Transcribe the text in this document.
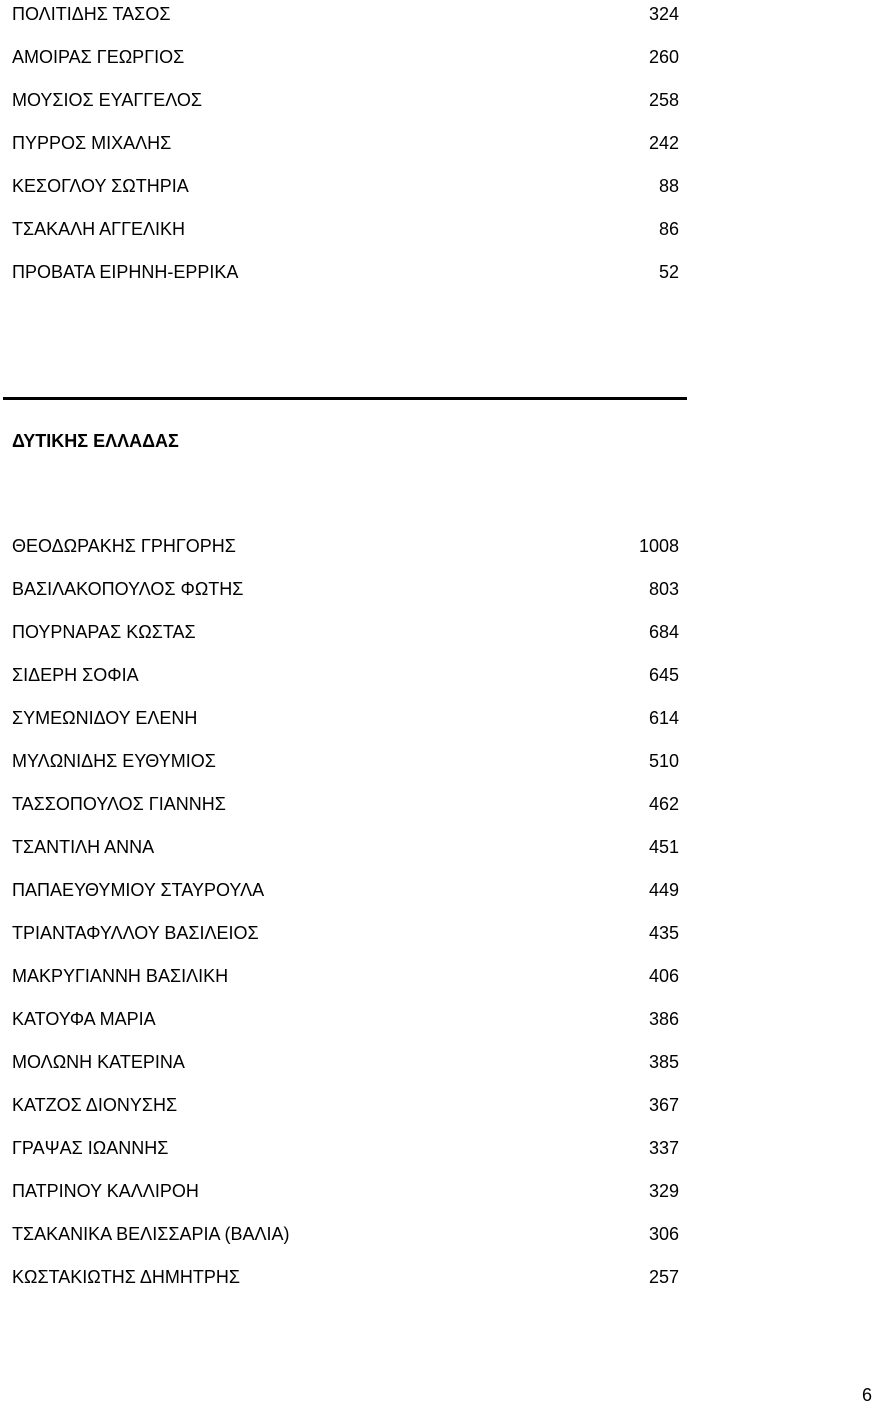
ΠΟΛΙΤΙΔΗΣ ΤΑΣΟΣ	324
ΑΜΟΙΡΑΣ ΓΕΩΡΓΙΟΣ	260
ΜΟΥΣΙΟΣ ΕΥΑΓΓΕΛΟΣ	258
ΠΥΡΡΟΣ ΜΙΧΑΛΗΣ	242
ΚΕΣΟΓΛΟΥ ΣΩΤΗΡΙΑ	88
ΤΣΑΚΑΛΗ ΑΓΓΕΛΙΚΗ	86
ΠΡΟΒΑΤΑ ΕΙΡΗΝΗ-ΕΡΡΙΚΑ	52
ΔΥΤΙΚΗΣ ΕΛΛΑΔΑΣ
ΘΕΟΔΩΡΑΚΗΣ ΓΡΗΓΟΡΗΣ	1008
ΒΑΣΙΛΑΚΟΠΟΥΛΟΣ ΦΩΤΗΣ	803
ΠΟΥΡΝΑΡΑΣ ΚΩΣΤΑΣ	684
ΣΙΔΕΡΗ ΣΟΦΙΑ	645
ΣΥΜΕΩΝΙΔΟΥ ΕΛΕΝΗ	614
ΜΥΛΩΝΙΔΗΣ ΕΥΘΥΜΙΟΣ	510
ΤΑΣΣΟΠΟΥΛΟΣ ΓΙΑΝΝΗΣ	462
ΤΣΑΝΤΙΛΗ ΑΝΝΑ	451
ΠΑΠΑΕΥΘΥΜΙΟΥ ΣΤΑΥΡΟΥΛΑ	449
ΤΡΙΑΝΤΑΦΥΛΛΟΥ ΒΑΣΙΛΕΙΟΣ	435
ΜΑΚΡΥΓΙΑΝΝΗ ΒΑΣΙΛΙΚΗ	406
ΚΑΤΟΥΦΑ ΜΑΡΙΑ	386
ΜΟΛΩΝΗ ΚΑΤΕΡΙΝΑ	385
ΚΑΤΖΟΣ ΔΙΟΝΥΣΗΣ	367
ΓΡΑΨΑΣ ΙΩΑΝΝΗΣ	337
ΠΑΤΡΙΝΟΥ ΚΑΛΛΙΡΟΗ	329
ΤΣΑΚΑΝΙΚΑ ΒΕΛΙΣΣΑΡΙΑ (ΒΑΛΙΑ)	306
ΚΩΣΤΑΚΙΩΤΗΣ ΔΗΜΗΤΡΗΣ	257
6
